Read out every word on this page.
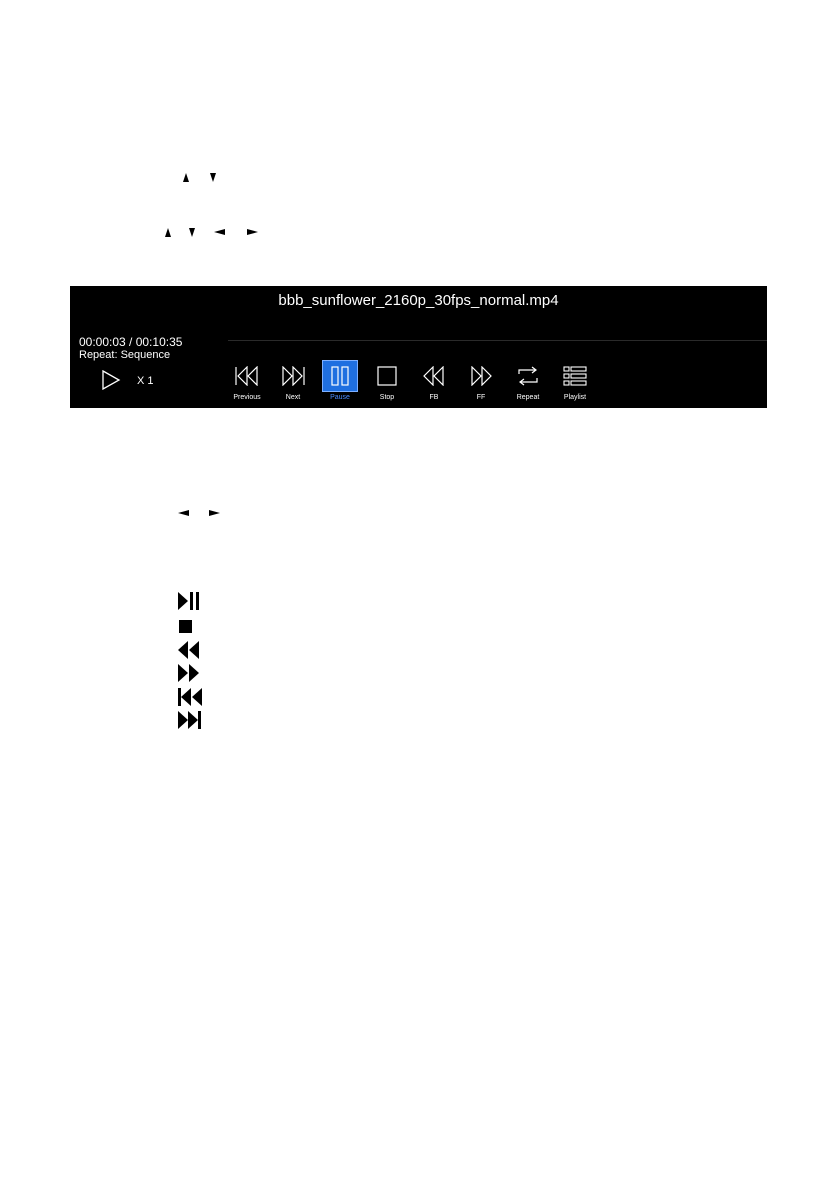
bbb_sunflower_2160p_30fps_normal.mp4
00:00:03 / 00:10:35
Repeat: Sequence
X 1
Previous	Next	Pause	Stop	FB	FF	Repeat	Playlist
